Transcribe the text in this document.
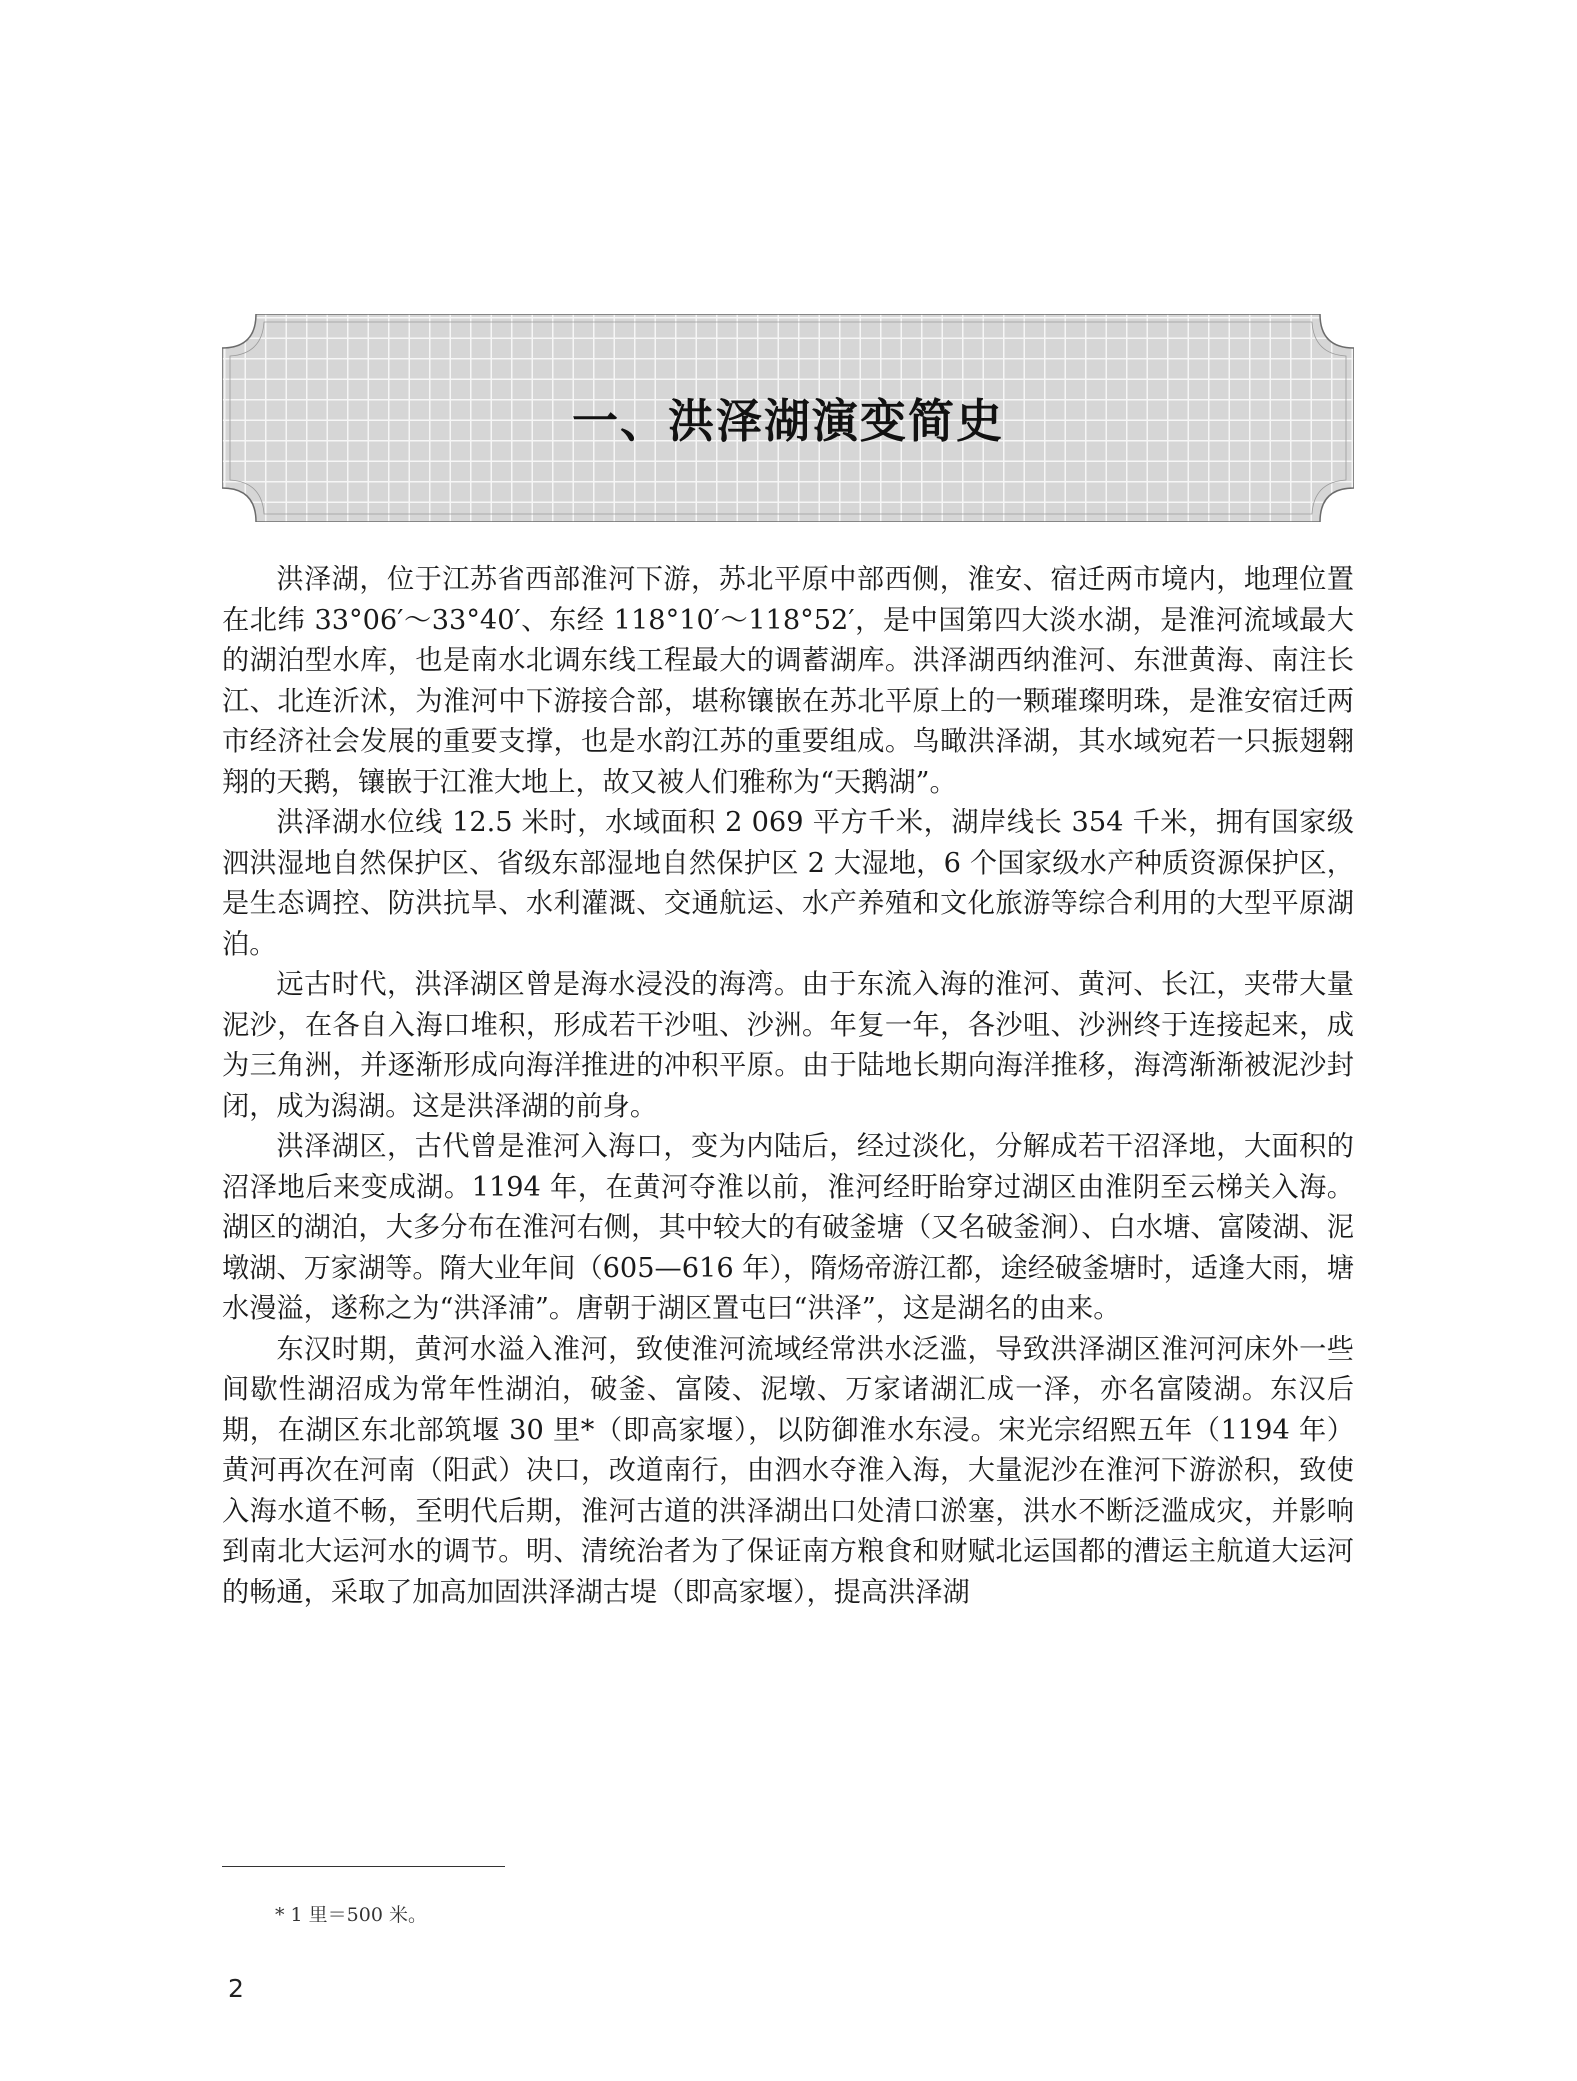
一、洪泽湖演变简史

洪泽湖，位于江苏省西部淮河下游，苏北平原中部西侧，淮安、宿迁两市境内，地理位置在北纬 33°06′～33°40′、东经 118°10′～118°52′，是中国第四大淡水湖，是淮河流域最大的湖泊型水库，也是南水北调东线工程最大的调蓄湖库。洪泽湖西纳淮河、东泄黄海、南注长江、北连沂沭，为淮河中下游接合部，堪称镶嵌在苏北平原上的一颗璀璨明珠，是淮安宿迁两市经济社会发展的重要支撑，也是水韵江苏的重要组成。鸟瞰洪泽湖，其水域宛若一只振翅翱翔的天鹅，镶嵌于江淮大地上，故又被人们雅称为“天鹅湖”。

洪泽湖水位线 12.5 米时，水域面积 2 069 平方千米，湖岸线长 354 千米，拥有国家级泗洪湿地自然保护区、省级东部湿地自然保护区 2 大湿地，6 个国家级水产种质资源保护区，是生态调控、防洪抗旱、水利灌溉、交通航运、水产养殖和文化旅游等综合利用的大型平原湖泊。

远古时代，洪泽湖区曾是海水浸没的海湾。由于东流入海的淮河、黄河、长江，夹带大量泥沙，在各自入海口堆积，形成若干沙咀、沙洲。年复一年，各沙咀、沙洲终于连接起来，成为三角洲，并逐渐形成向海洋推进的冲积平原。由于陆地长期向海洋推移，海湾渐渐被泥沙封闭，成为潟湖。这是洪泽湖的前身。

洪泽湖区，古代曾是淮河入海口，变为内陆后，经过淡化，分解成若干沼泽地，大面积的沼泽地后来变成湖。1194 年，在黄河夺淮以前，淮河经盱眙穿过湖区由淮阴至云梯关入海。湖区的湖泊，大多分布在淮河右侧，其中较大的有破釜塘（又名破釜涧）、白水塘、富陵湖、泥墩湖、万家湖等。隋大业年间（605—616 年），隋炀帝游江都，途经破釜塘时，适逢大雨，塘水漫溢，遂称之为“洪泽浦”。唐朝于湖区置屯曰“洪泽”，这是湖名的由来。

东汉时期，黄河水溢入淮河，致使淮河流域经常洪水泛滥，导致洪泽湖区淮河河床外一些间歇性湖沼成为常年性湖泊，破釜、富陵、泥墩、万家诸湖汇成一泽，亦名富陵湖。东汉后期，在湖区东北部筑堰 30 里*（即高家堰），以防御淮水东浸。宋光宗绍熙五年（1194 年）黄河再次在河南（阳武）决口，改道南行，由泗水夺淮入海，大量泥沙在淮河下游淤积，致使入海水道不畅，至明代后期，淮河古道的洪泽湖出口处清口淤塞，洪水不断泛滥成灾，并影响到南北大运河水的调节。明、清统治者为了保证南方粮食和财赋北运国都的漕运主航道大运河的畅通，采取了加高加固洪泽湖古堤（即高家堰），提高洪泽湖

* 1 里＝500 米。
2
